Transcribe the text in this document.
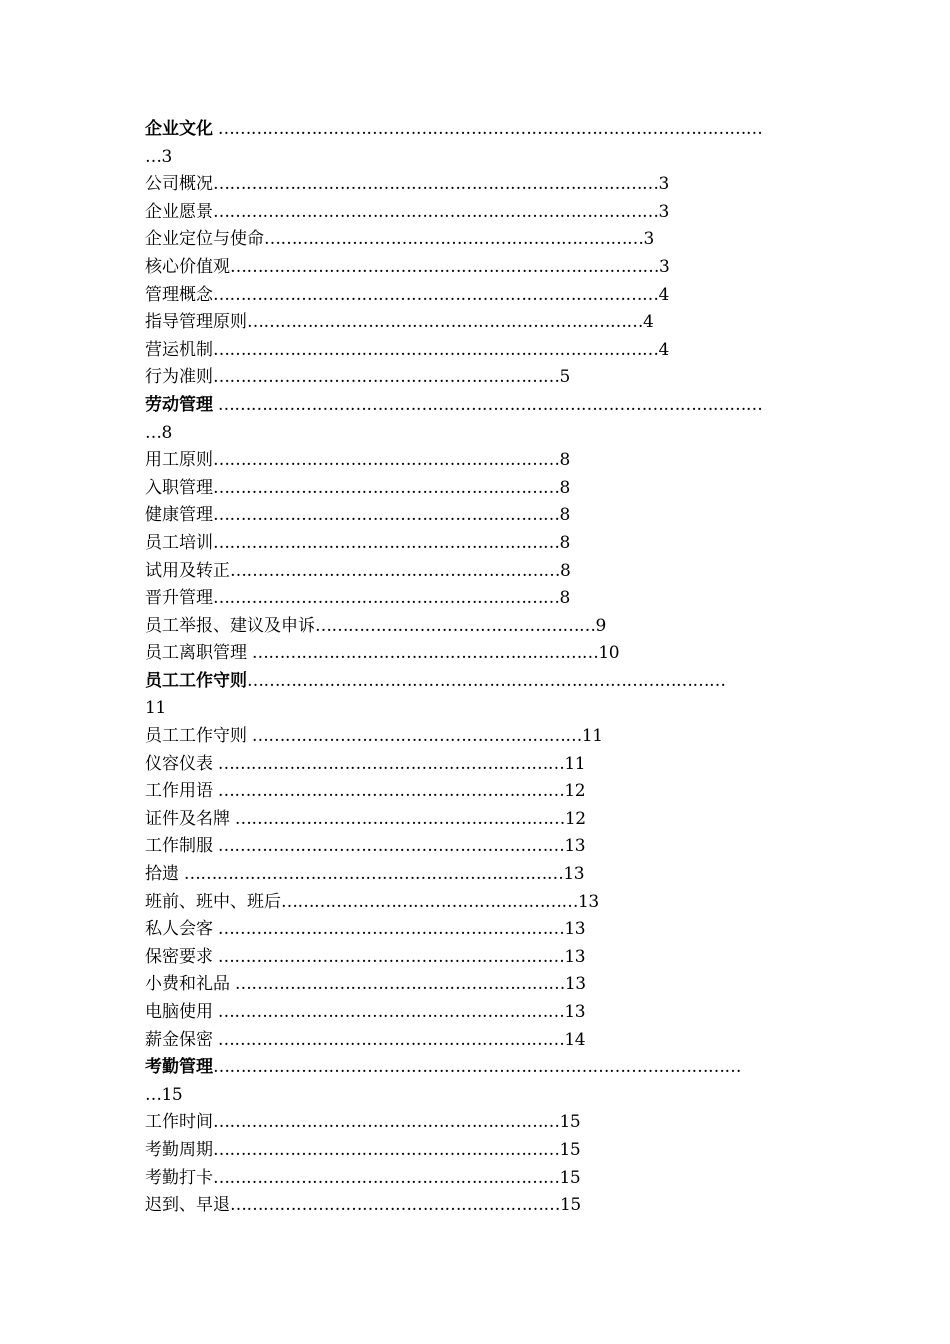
企业文化 ………………………………………………………………………………………
…3
公司概况………………………………………………………………………3
企业愿景………………………………………………………………………3
企业定位与使命……………………………………………………………3
核心价值观……………………………………………………………………3
管理概念………………………………………………………………………4
指导管理原则………………………………………………………………4
营运机制………………………………………………………………………4
行为准则………………………………………………………5
劳动管理 ………………………………………………………………………………………
…8
用工原则………………………………………………………8
入职管理………………………………………………………8
健康管理………………………………………………………8
员工培训………………………………………………………8
试用及转正……………………………………………………8
晋升管理………………………………………………………8
员工举报、建议及申诉……………………………………………9
员工离职管理 ………………………………………………………10
员工工作守则……………………………………………………………………………
11
员工工作守则 ……………………………………………………11
仪容仪表 ………………………………………………………11
工作用语 ………………………………………………………12
证件及名牌 ……………………………………………………12
工作制服 ………………………………………………………13
拾遗 ……………………………………………………………13
班前、班中、班后………………………………………………13
私人会客 ………………………………………………………13
保密要求 ………………………………………………………13
小费和礼品 ……………………………………………………13
电脑使用 ………………………………………………………13
薪金保密 ………………………………………………………14
考勤管理……………………………………………………………………………………
…15
工作时间………………………………………………………15
考勤周期………………………………………………………15
考勤打卡………………………………………………………15
迟到、早退……………………………………………………15
